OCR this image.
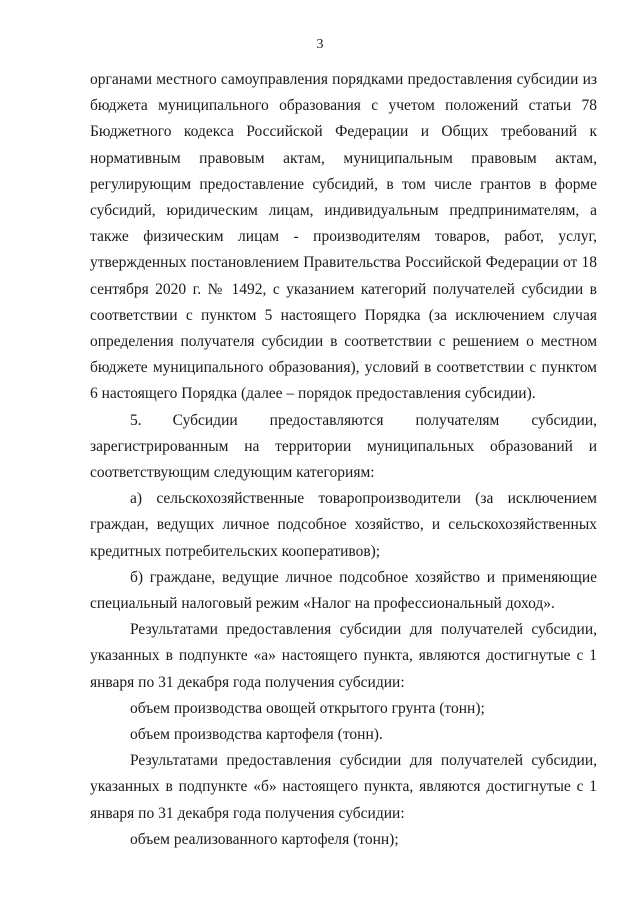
3

органами местного самоуправления порядками предоставления субсидии из бюджета муниципального образования с учетом положений статьи 78 Бюджетного кодекса Российской Федерации и Общих требований к нормативным правовым актам, муниципальным правовым актам, регулирующим предоставление субсидий, в том числе грантов в форме субсидий, юридическим лицам, индивидуальным предпринимателям, а также физическим лицам - производителям товаров, работ, услуг, утвержденных постановлением Правительства Российской Федерации от 18 сентября 2020 г. № 1492, с указанием категорий получателей субсидии в соответствии с пунктом 5 настоящего Порядка (за исключением случая определения получателя субсидии в соответствии с решением о местном бюджете муниципального образования), условий в соответствии с пунктом 6 настоящего Порядка (далее – порядок предоставления субсидии).

5.  Субсидии предоставляются получателям субсидии, зарегистрированным на территории муниципальных образований и соответствующим следующим категориям:

а) сельскохозяйственные товаропроизводители (за исключением граждан, ведущих личное подсобное хозяйство, и сельскохозяйственных кредитных потребительских кооперативов);

б) граждане, ведущие личное подсобное хозяйство и применяющие специальный налоговый режим «Налог на профессиональный доход».

Результатами предоставления субсидии для получателей субсидии, указанных в подпункте «а» настоящего пункта, являются достигнутые с 1 января по 31 декабря года получения субсидии:

объем производства овощей открытого грунта (тонн);

объем производства картофеля (тонн).

Результатами предоставления субсидии для получателей субсидии, указанных в подпункте «б» настоящего пункта, являются достигнутые с 1 января по 31 декабря года получения субсидии:

объем реализованного картофеля (тонн);
